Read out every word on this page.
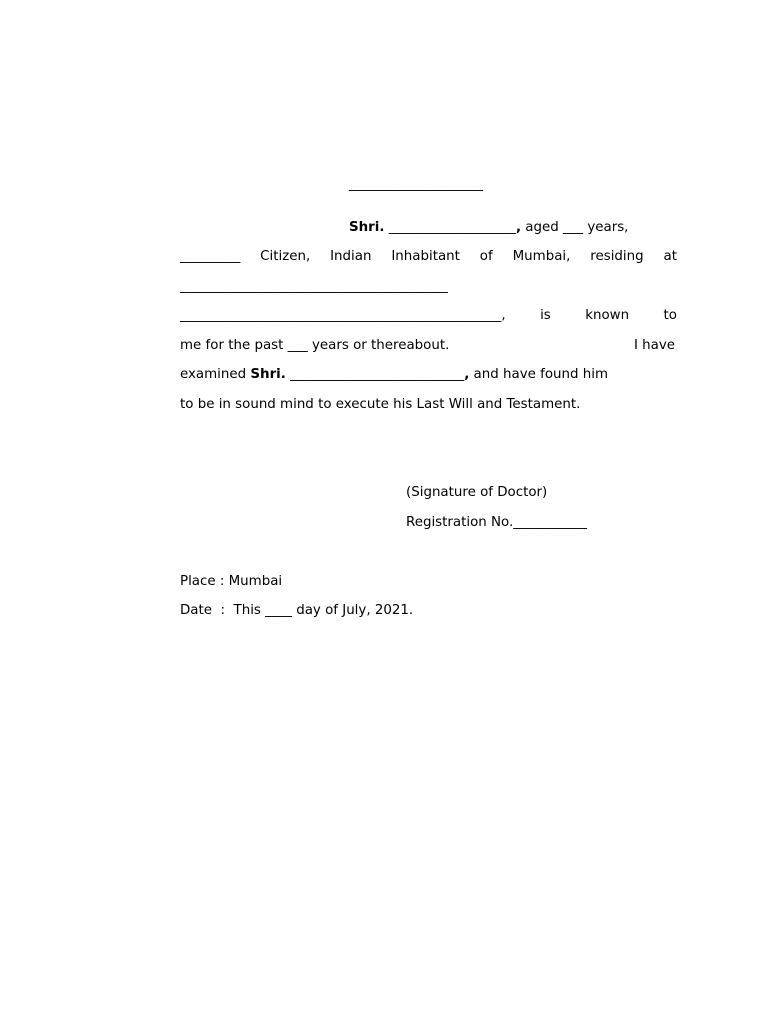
____________________
Shri. ___________________, aged ___ years,
_________ Citizen, Indian Inhabitant of Mumbai, residing at
________________________________________
________________________________________________,	is	known	to
me for the past ___ years or thereabout.	I have
examined Shri. __________________________, and have found him
to be in sound mind to execute his Last Will and Testament.
(Signature of Doctor)
Registration No.___________
Place : Mumbai
Date  :  This ____ day of July, 2021.
